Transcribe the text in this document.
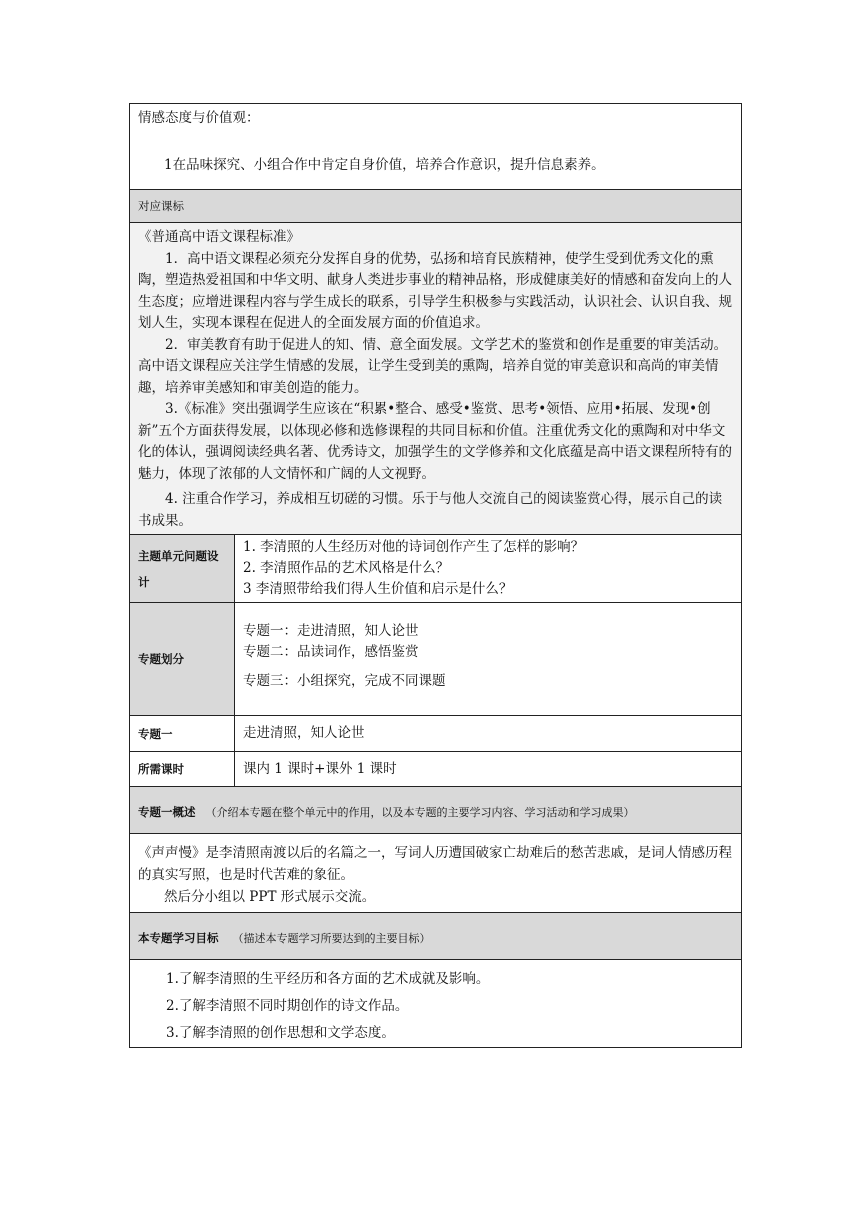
情感态度与价值观：

1在品味探究、小组合作中肯定自身价值，培养合作意识，提升信息素养。	

对应课标	

《普通高中语文课程标准》

1．高中语文课程必须充分发挥自身的优势，弘扬和培育民族精神，使学生受到优秀文化的熏陶，塑造热爱祖国和中华文明、献身人类进步事业的精神品格，形成健康美好的情感和奋发向上的人生态度；应增进课程内容与学生成长的联系，引导学生积极参与实践活动，认识社会、认识自我、规划人生，实现本课程在促进人的全面发展方面的价值追求。

2．审美教育有助于促进人的知、情、意全面发展。文学艺术的鉴赏和创作是重要的审美活动。高中语文课程应关注学生情感的发展，让学生受到美的熏陶，培养自觉的审美意识和高尚的审美情趣，培养审美感知和审美创造的能力。

3.《标准》突出强调学生应该在“积累•整合、感受•鉴赏、思考•领悟、应用•拓展、发现•创新”五个方面获得发展，以体现必修和选修课程的共同目标和价值。注重优秀文化的熏陶和对中华文化的体认，强调阅读经典名著、优秀诗文，加强学生的文学修养和文化底蕴是高中语文课程所特有的魅力，体现了浓郁的人文情怀和广阔的人文视野。

4. 注重合作学习，养成相互切磋的习惯。乐于与他人交流自己的阅读鉴赏心得，展示自己的读书成果。	

主题单元问题设计	1. 李清照的人生经历对他的诗词创作产生了怎样的影响？

2. 李清照作品的艺术风格是什么？

3 李清照带给我们得人生价值和启示是什么？

专题划分	专题一：走进清照，知人论世

专题二：品读词作，感悟鉴赏

专题三：小组探究，完成不同课题

专题一	走进清照，知人论世
所需课时	课内 1 课时+课外 1 课时
专题一概述 （介绍本专题在整个单元中的作用，以及本专题的主要学习内容、学习活动和学习成果）	

《声声慢》是李清照南渡以后的名篇之一，写词人历遭国破家亡劫难后的愁苦悲戚，是词人情感历程的真实写照，也是时代苦难的象征。

然后分小组以 PPT 形式展示交流。	

本专题学习目标 （描述本专题学习所要达到的主要目标）	

1.了解李清照的生平经历和各方面的艺术成就及影响。

2.了解李清照不同时期创作的诗文作品。

3.了解李清照的创作思想和文学态度。	
